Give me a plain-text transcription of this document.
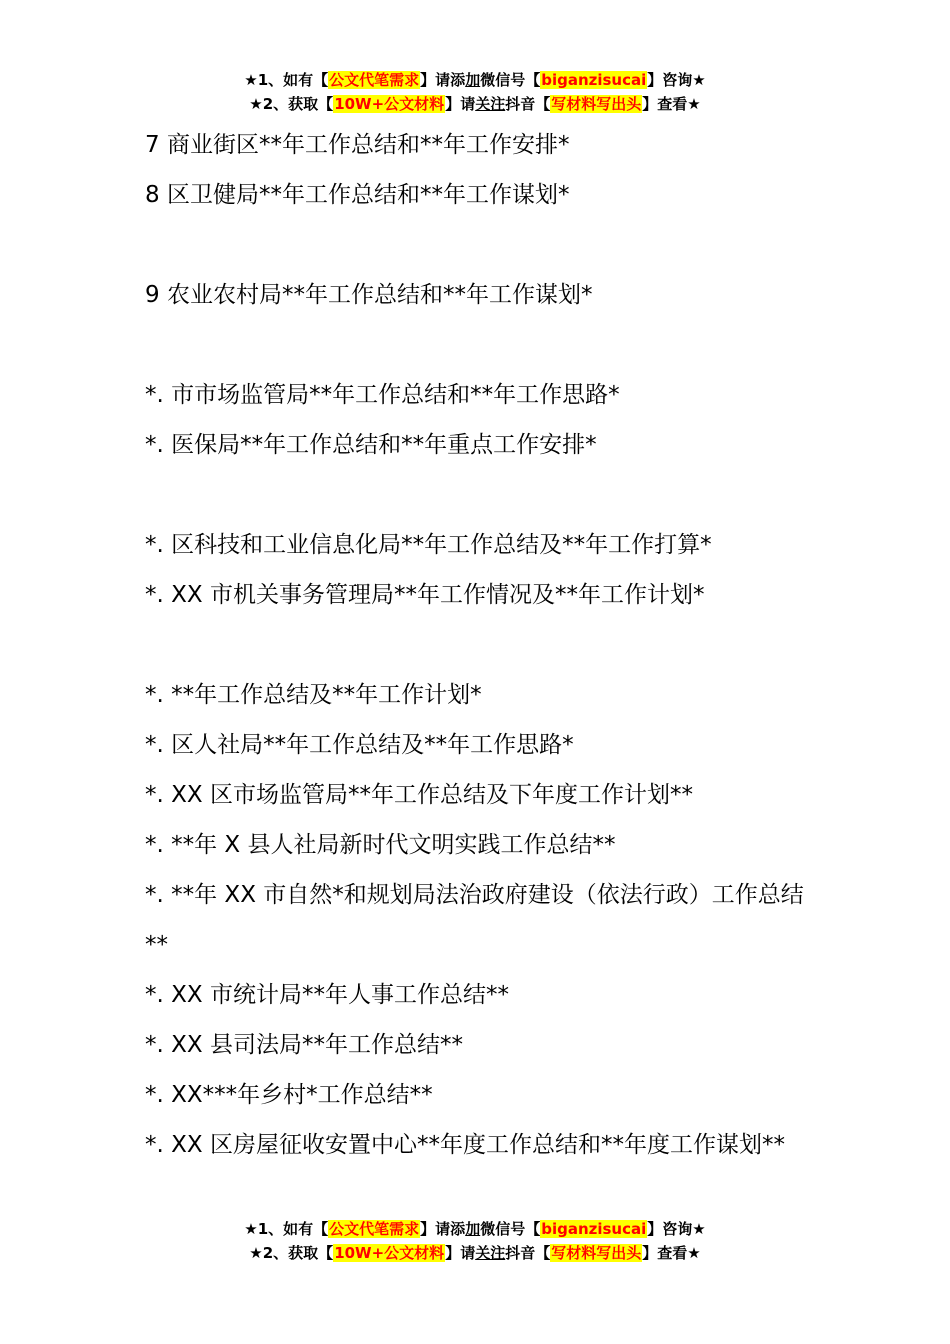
★1、如有【公文代笔需求】请添加微信号【biganzisucai】咨询★
★2、获取【10W+公文材料】请关注抖音【写材料写出头】查看★

7 商业街区**年工作总结和**年工作安排*

8 区卫健局**年工作总结和**年工作谋划*

9 农业农村局**年工作总结和**年工作谋划*

*. 市市场监管局**年工作总结和**年工作思路*

*. 医保局**年工作总结和**年重点工作安排*

*. 区科技和工业信息化局**年工作总结及**年工作打算*

*. XX 市机关事务管理局**年工作情况及**年工作计划*

*. **年工作总结及**年工作计划*

*. 区人社局**年工作总结及**年工作思路*

*. XX 区市场监管局**年工作总结及下年度工作计划**

*. **年 X 县人社局新时代文明实践工作总结**

*. **年 XX 市自然*和规划局法治政府建设（依法行政）工作总结**

*. XX 市统计局**年人事工作总结**

*. XX 县司法局**年工作总结**

*. XX***年乡村*工作总结**

*. XX 区房屋征收安置中心**年度工作总结和**年度工作谋划**

★1、如有【公文代笔需求】请添加微信号【biganzisucai】咨询★
★2、获取【10W+公文材料】请关注抖音【写材料写出头】查看★
